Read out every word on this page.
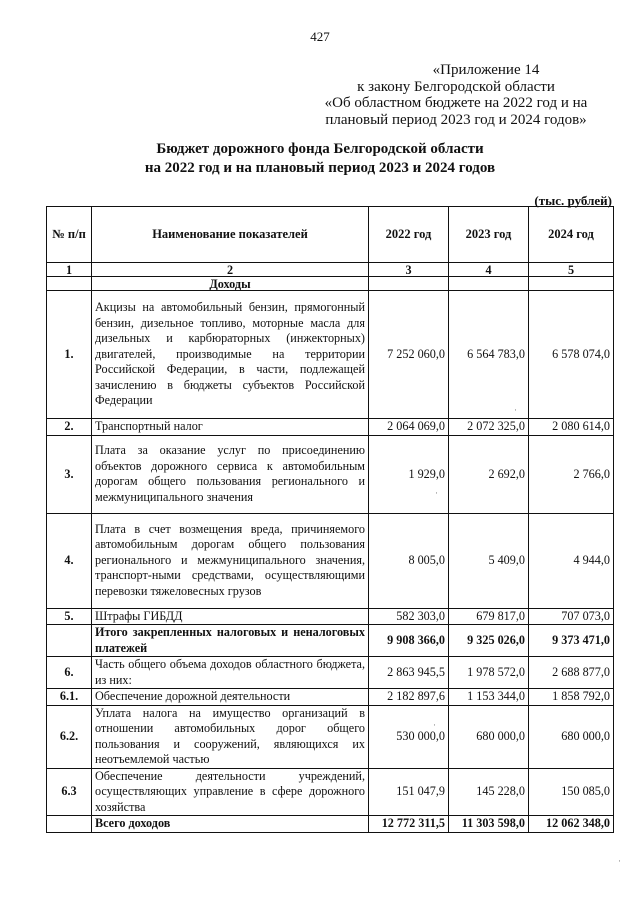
427
«Приложение 14
к закону Белгородской области
«Об областном бюджете на 2022 год и на
плановый период 2023 год и 2024 годов»
Бюджет дорожного фонда Белгородской области
на 2022 год и на плановый период 2023 и 2024 годов
(тыс. рублей)
№ п/п	Наименование показателей	2022 год	2023 год	2024 год
1	2	3	4	5
	Доходы			
1.	Акцизы на автомобильный бензин, прямогонный бензин, дизельное топливо, моторные масла для дизельных и карбюраторных (инжекторных) двигателей, производимые на территории Российской Федерации, в части, подлежащей зачислению в бюджеты субъектов Российской Федерации	7 252 060,0	6 564 783,0	6 578 074,0
2.	Транспортный налог	2 064 069,0	2 072 325,0	2 080 614,0
3.	Плата за оказание услуг по присоединению объектов дорожного сервиса к автомобильным дорогам общего пользования регионального и межмуниципального значения	1 929,0	2 692,0	2 766,0
4.	Плата в счет возмещения вреда, причиняемого автомобильным дорогам общего пользования регионального и межмуниципального значения, транспорт-ными средствами, осуществляющими перевозки тяжеловесных грузов	8 005,0	5 409,0	4 944,0
5.	Штрафы ГИБДД	582 303,0	679 817,0	707 073,0
	Итого закрепленных налоговых и неналоговых платежей	9 908 366,0	9 325 026,0	9 373 471,0
6.	Часть общего объема доходов областного бюджета, из них:	2 863 945,5	1 978 572,0	2 688 877,0
6.1.	Обеспечение дорожной деятельности	2 182 897,6	1 153 344,0	1 858 792,0
6.2.	Уплата налога на имущество организаций в отношении автомобильных дорог общего пользования и сооружений, являющихся их неотъемлемой частью	530 000,0	680 000,0	680 000,0
6.3	Обеспечение деятельности учреждений, осуществляющих управление в сфере дорожного хозяйства	151 047,9	145 228,0	150 085,0
	Всего доходов	12 772 311,5	11 303 598,0	12 062 348,0
·
·
·
·
